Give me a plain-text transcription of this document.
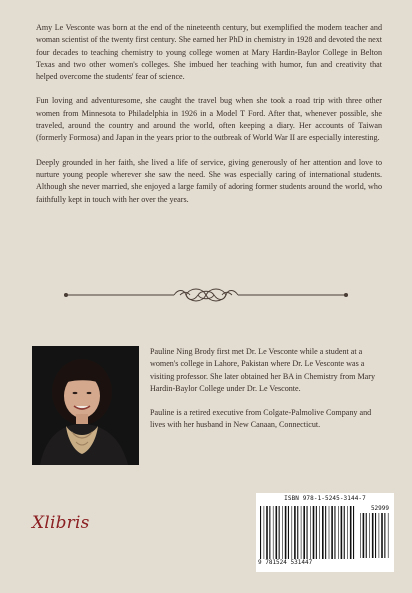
Amy Le Vesconte was born at the end of the nineteenth century, but exemplified the modern teacher and woman scientist of the twenty first century. She earned her PhD in chemistry in 1928 and devoted the next four decades to teaching chemistry to young college women at Mary Hardin-Baylor College in Belton Texas and two other women's colleges. She imbued her teaching with humor, fun and creativity that helped overcome the students' fear of science.

Fun loving and adventuresome, she caught the travel bug when she took a road trip with three other women from Minnesota to Philadelphia in 1926 in a Model T Ford. After that, whenever possible, she traveled, around the country and around the world, often keeping a diary. Her accounts of Taiwan (formerly Formosa) and Japan in the years prior to the outbreak of World War II are especially interesting.

Deeply grounded in her faith, she lived a life of service, giving generously of her attention and love to nurture young people wherever she saw the need. She was especially caring of international students. Although she never married, she enjoyed a large family of adoring former students around the world, who faithfully kept in touch with her over the years.

Pauline Ning Brody first met Dr. Le Vesconte while a student at a women's college in Lahore, Pakistan where Dr. Le Vesconte was a visiting professor. She later obtained her BA in Chemistry from Mary Hardin-Baylor College under Dr. Le Vesconte.

Pauline is a retired executive from Colgate-Palmolive Company and lives with her husband in New Canaan, Connecticut.

Xlibris
ISBN 978-1-5245-3144-7
52999
9 781524 531447
